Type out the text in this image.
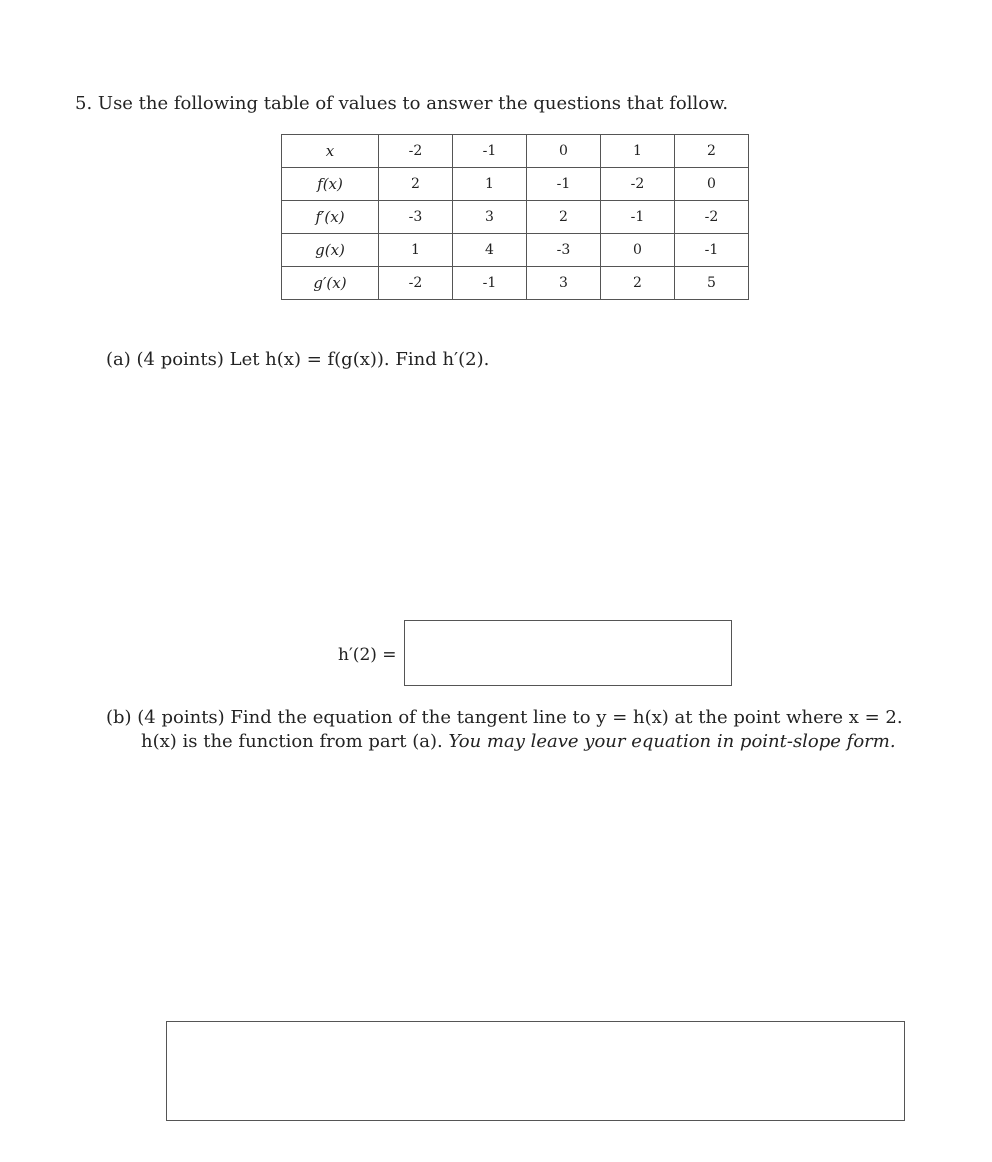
5. Use the following table of values to answer the questions that follow.
x	-2	-1	0	1	2
f(x)	2	1	-1	-2	0
f′(x)	-3	3	2	-1	-2
g(x)	1	4	-3	0	-1
g′(x)	-2	-1	3	2	5
(a) (4 points) Let h(x) = f(g(x)). Find h′(2).
h′(2) =
(b) (4 points) Find the equation of the tangent line to y = h(x) at the point where x = 2.
h(x) is the function from part (a). You may leave your equation in point-slope form.
